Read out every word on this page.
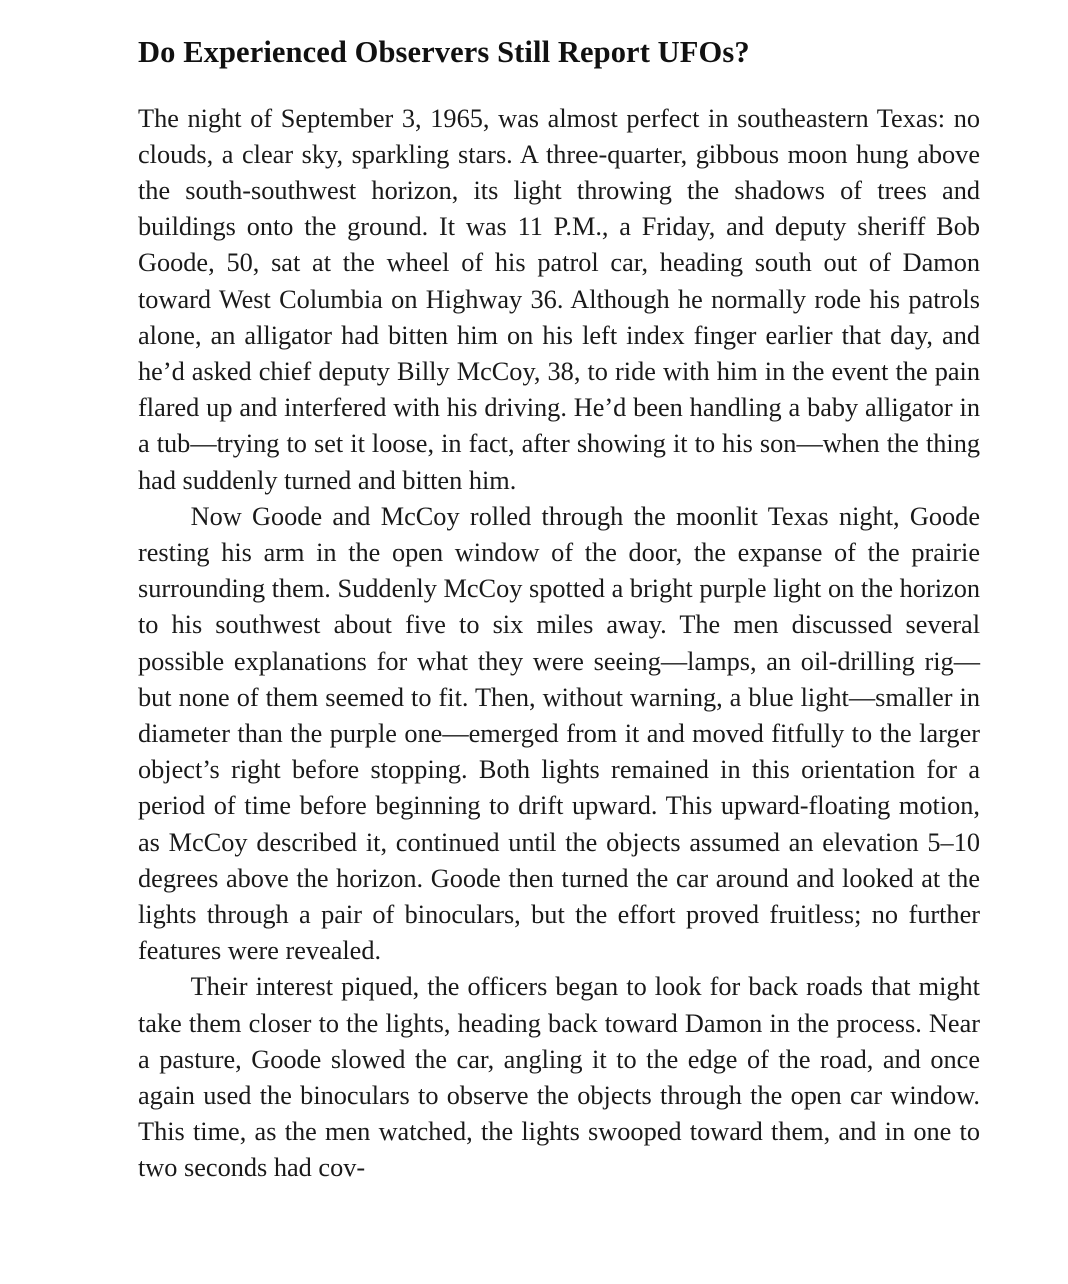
Do Experienced Observers Still Report UFOs?

The night of September 3, 1965, was almost perfect in southeastern Texas: no clouds, a clear sky, sparkling stars. A three-quarter, gibbous moon hung above the south-southwest horizon, its light throwing the shadows of trees and buildings onto the ground. It was 11 P.M., a Friday, and deputy sheriff Bob Goode, 50, sat at the wheel of his patrol car, heading south out of Damon toward West Columbia on Highway 36. Although he normally rode his patrols alone, an alligator had bitten him on his left index finger earlier that day, and he’d asked chief deputy Billy McCoy, 38, to ride with him in the event the pain flared up and interfered with his driving. He’d been handling a baby alligator in a tub—trying to set it loose, in fact, after showing it to his son—when the thing had suddenly turned and bitten him.

Now Goode and McCoy rolled through the moonlit Texas night, Goode resting his arm in the open window of the door, the expanse of the prairie surrounding them. Suddenly McCoy spotted a bright purple light on the horizon to his southwest about five to six miles away. The men discussed several possible explanations for what they were seeing—lamps, an oil-drilling rig—but none of them seemed to fit. Then, without warning, a blue light—smaller in diameter than the purple one—emerged from it and moved fitfully to the larger object’s right before stopping. Both lights remained in this orientation for a period of time before beginning to drift upward. This upward-floating motion, as McCoy described it, continued until the objects assumed an elevation 5–10 degrees above the horizon. Goode then turned the car around and looked at the lights through a pair of binoculars, but the effort proved fruitless; no further features were revealed.

Their interest piqued, the officers began to look for back roads that might take them closer to the lights, heading back toward Damon in the process. Near a pasture, Goode slowed the car, angling it to the edge of the road, and once again used the binoculars to observe the objects through the open car window. This time, as the men watched, the lights swooped toward them, and in one to two seconds had cov-
